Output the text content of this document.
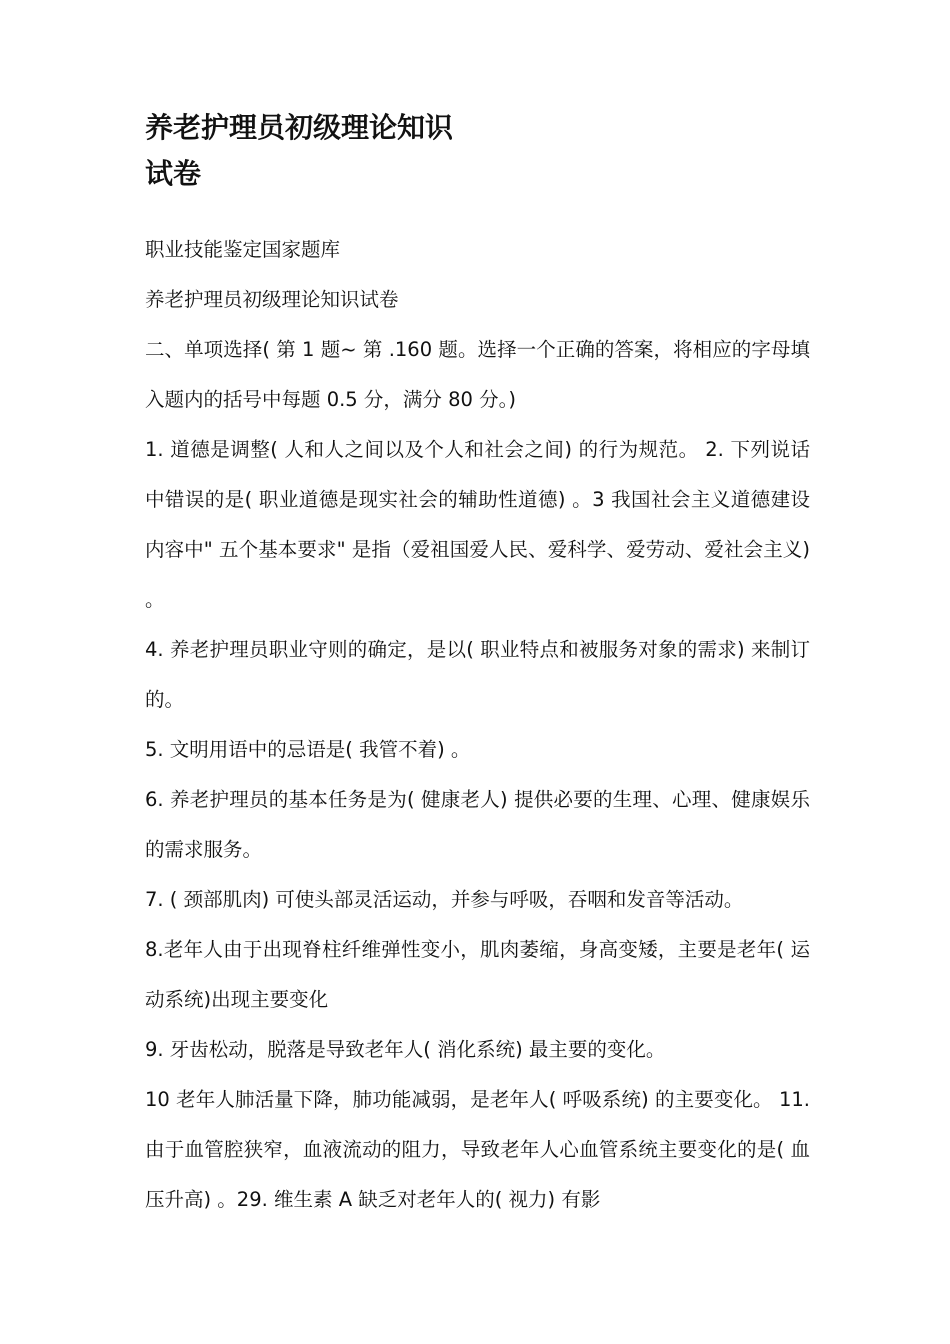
养老护理员初级理论知识
试卷

职业技能鉴定国家题库

养老护理员初级理论知识试卷

二、单项选择( 第 1 题~ 第 .160 题。选择一个正确的答案，将相应的字母填入题内的括号中每题 0.5 分，满分 80 分。)

1. 道德是调整( 人和人之间以及个人和社会之间) 的行为规范。 2. 下列说话中错误的是( 职业道德是现实社会的辅助性道德) 。3 我国社会主义道德建设内容中" 五个基本要求" 是指（爱祖国爱人民、爱科学、爱劳动、爱社会主义) 。

4. 养老护理员职业守则的确定，是以( 职业特点和被服务对象的需求) 来制订的。

5. 文明用语中的忌语是( 我管不着) 。

6. 养老护理员的基本任务是为( 健康老人) 提供必要的生理、心理、健康娱乐的需求服务。

7. ( 颈部肌肉) 可使头部灵活运动，并参与呼吸，吞咽和发音等活动。

8.老年人由于出现脊柱纤维弹性变小，肌肉萎缩，身高变矮，主要是老年( 运动系统)出现主要变化

9. 牙齿松动，脱落是导致老年人( 消化系统) 最主要的变化。

10 老年人肺活量下降，肺功能减弱，是老年人( 呼吸系统) 的主要变化。 11.由于血管腔狭窄，血液流动的阻力，导致老年人心血管系统主要变化的是( 血压升高) 。29. 维生素 A 缺乏对老年人的( 视力) 有影
